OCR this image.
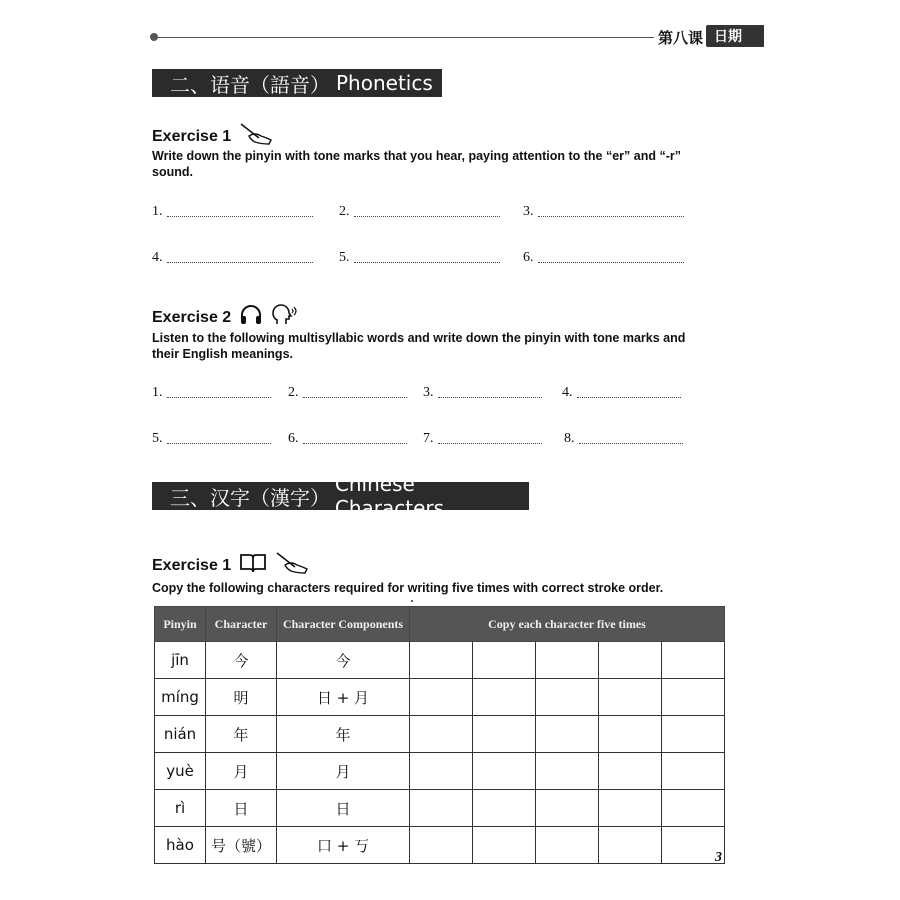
第八课 日期
二、语音（語音） Phonetics
Exercise 1
Write down the pinyin with tone marks that you hear, paying attention to the “er” and “-r” sound.
1.	2.	3.
4.	5.	6.
Exercise 2
Listen to the following multisyllabic words and write down the pinyin with tone marks and their English meanings.
1.	2.	3.	4.
5.	6.	7.	8.
三、汉字（漢字）
Chinese Characters
Exercise 1
Copy the following characters required for writing five times with correct stroke order.
Pinyin	Character	Character Components	Copy each character five times				
jīn	今	今					
míng	明	日 + 月					
nián	年	年					
yuè	月	月					
rì	日	日					
hào	号（號）	口 + 丂					
3
